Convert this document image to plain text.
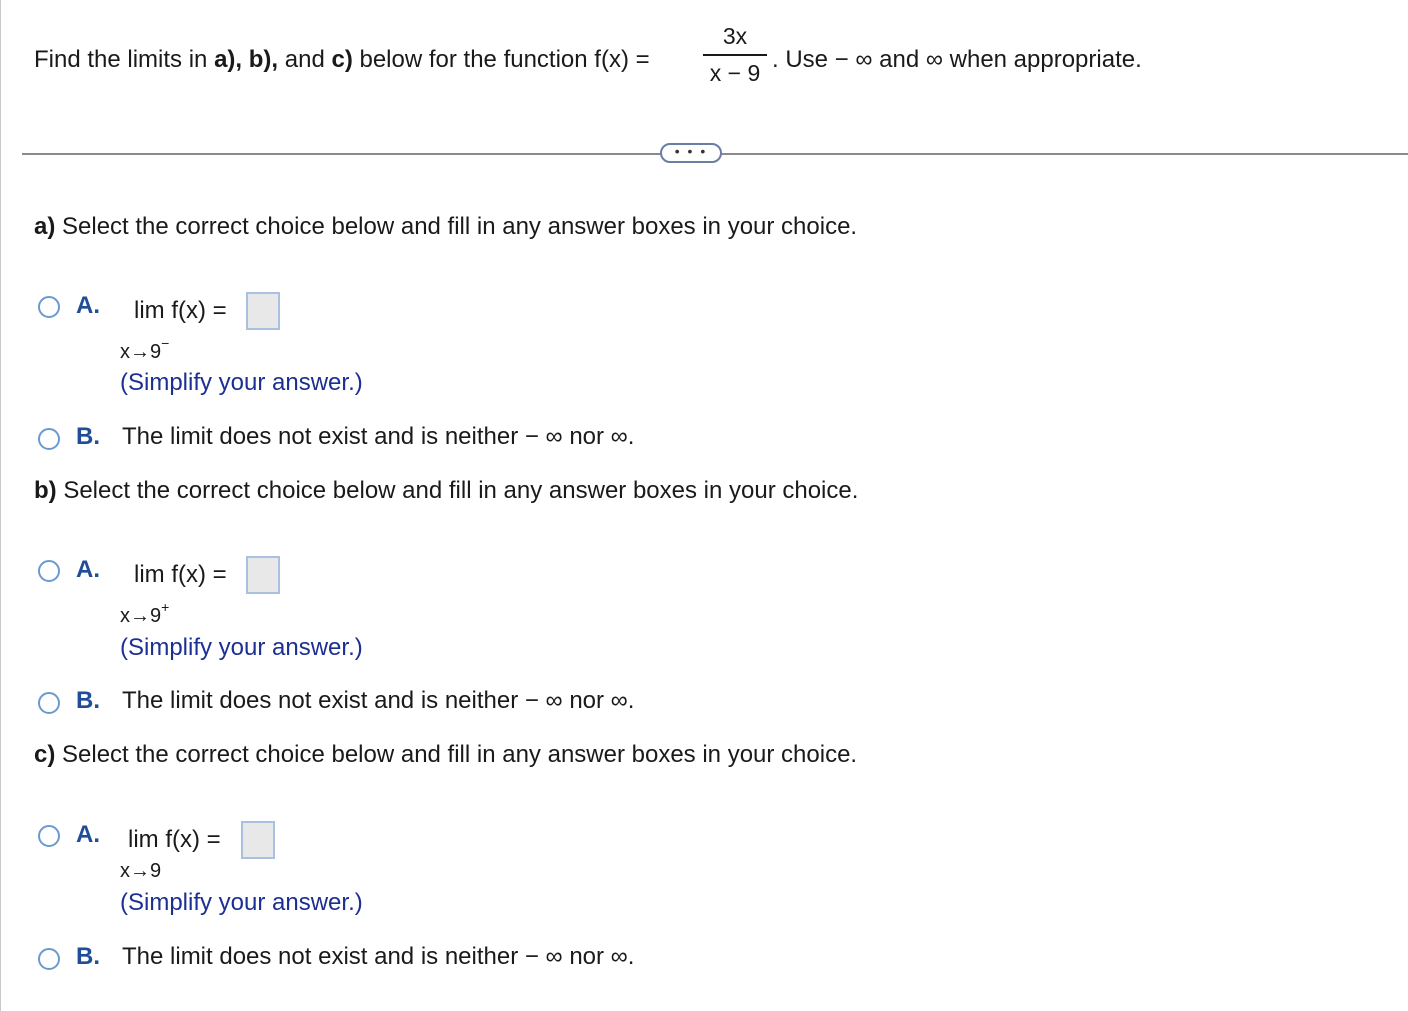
Find the limits in a), b), and c) below for the function f(x) =
3x
x − 9 . Use − ∞ and ∞ when appropriate.
• • •
a) Select the correct choice below and fill in any answer boxes in your choice.
A. lim f(x) =
x→9−
(Simplify your answer.)
B. The limit does not exist and is neither − ∞ nor ∞.
b) Select the correct choice below and fill in any answer boxes in your choice.
A. lim f(x) =
x→9+
(Simplify your answer.)
B. The limit does not exist and is neither − ∞ nor ∞.
c) Select the correct choice below and fill in any answer boxes in your choice.
A. lim f(x) =
x→9
(Simplify your answer.)
B. The limit does not exist and is neither − ∞ nor ∞.
